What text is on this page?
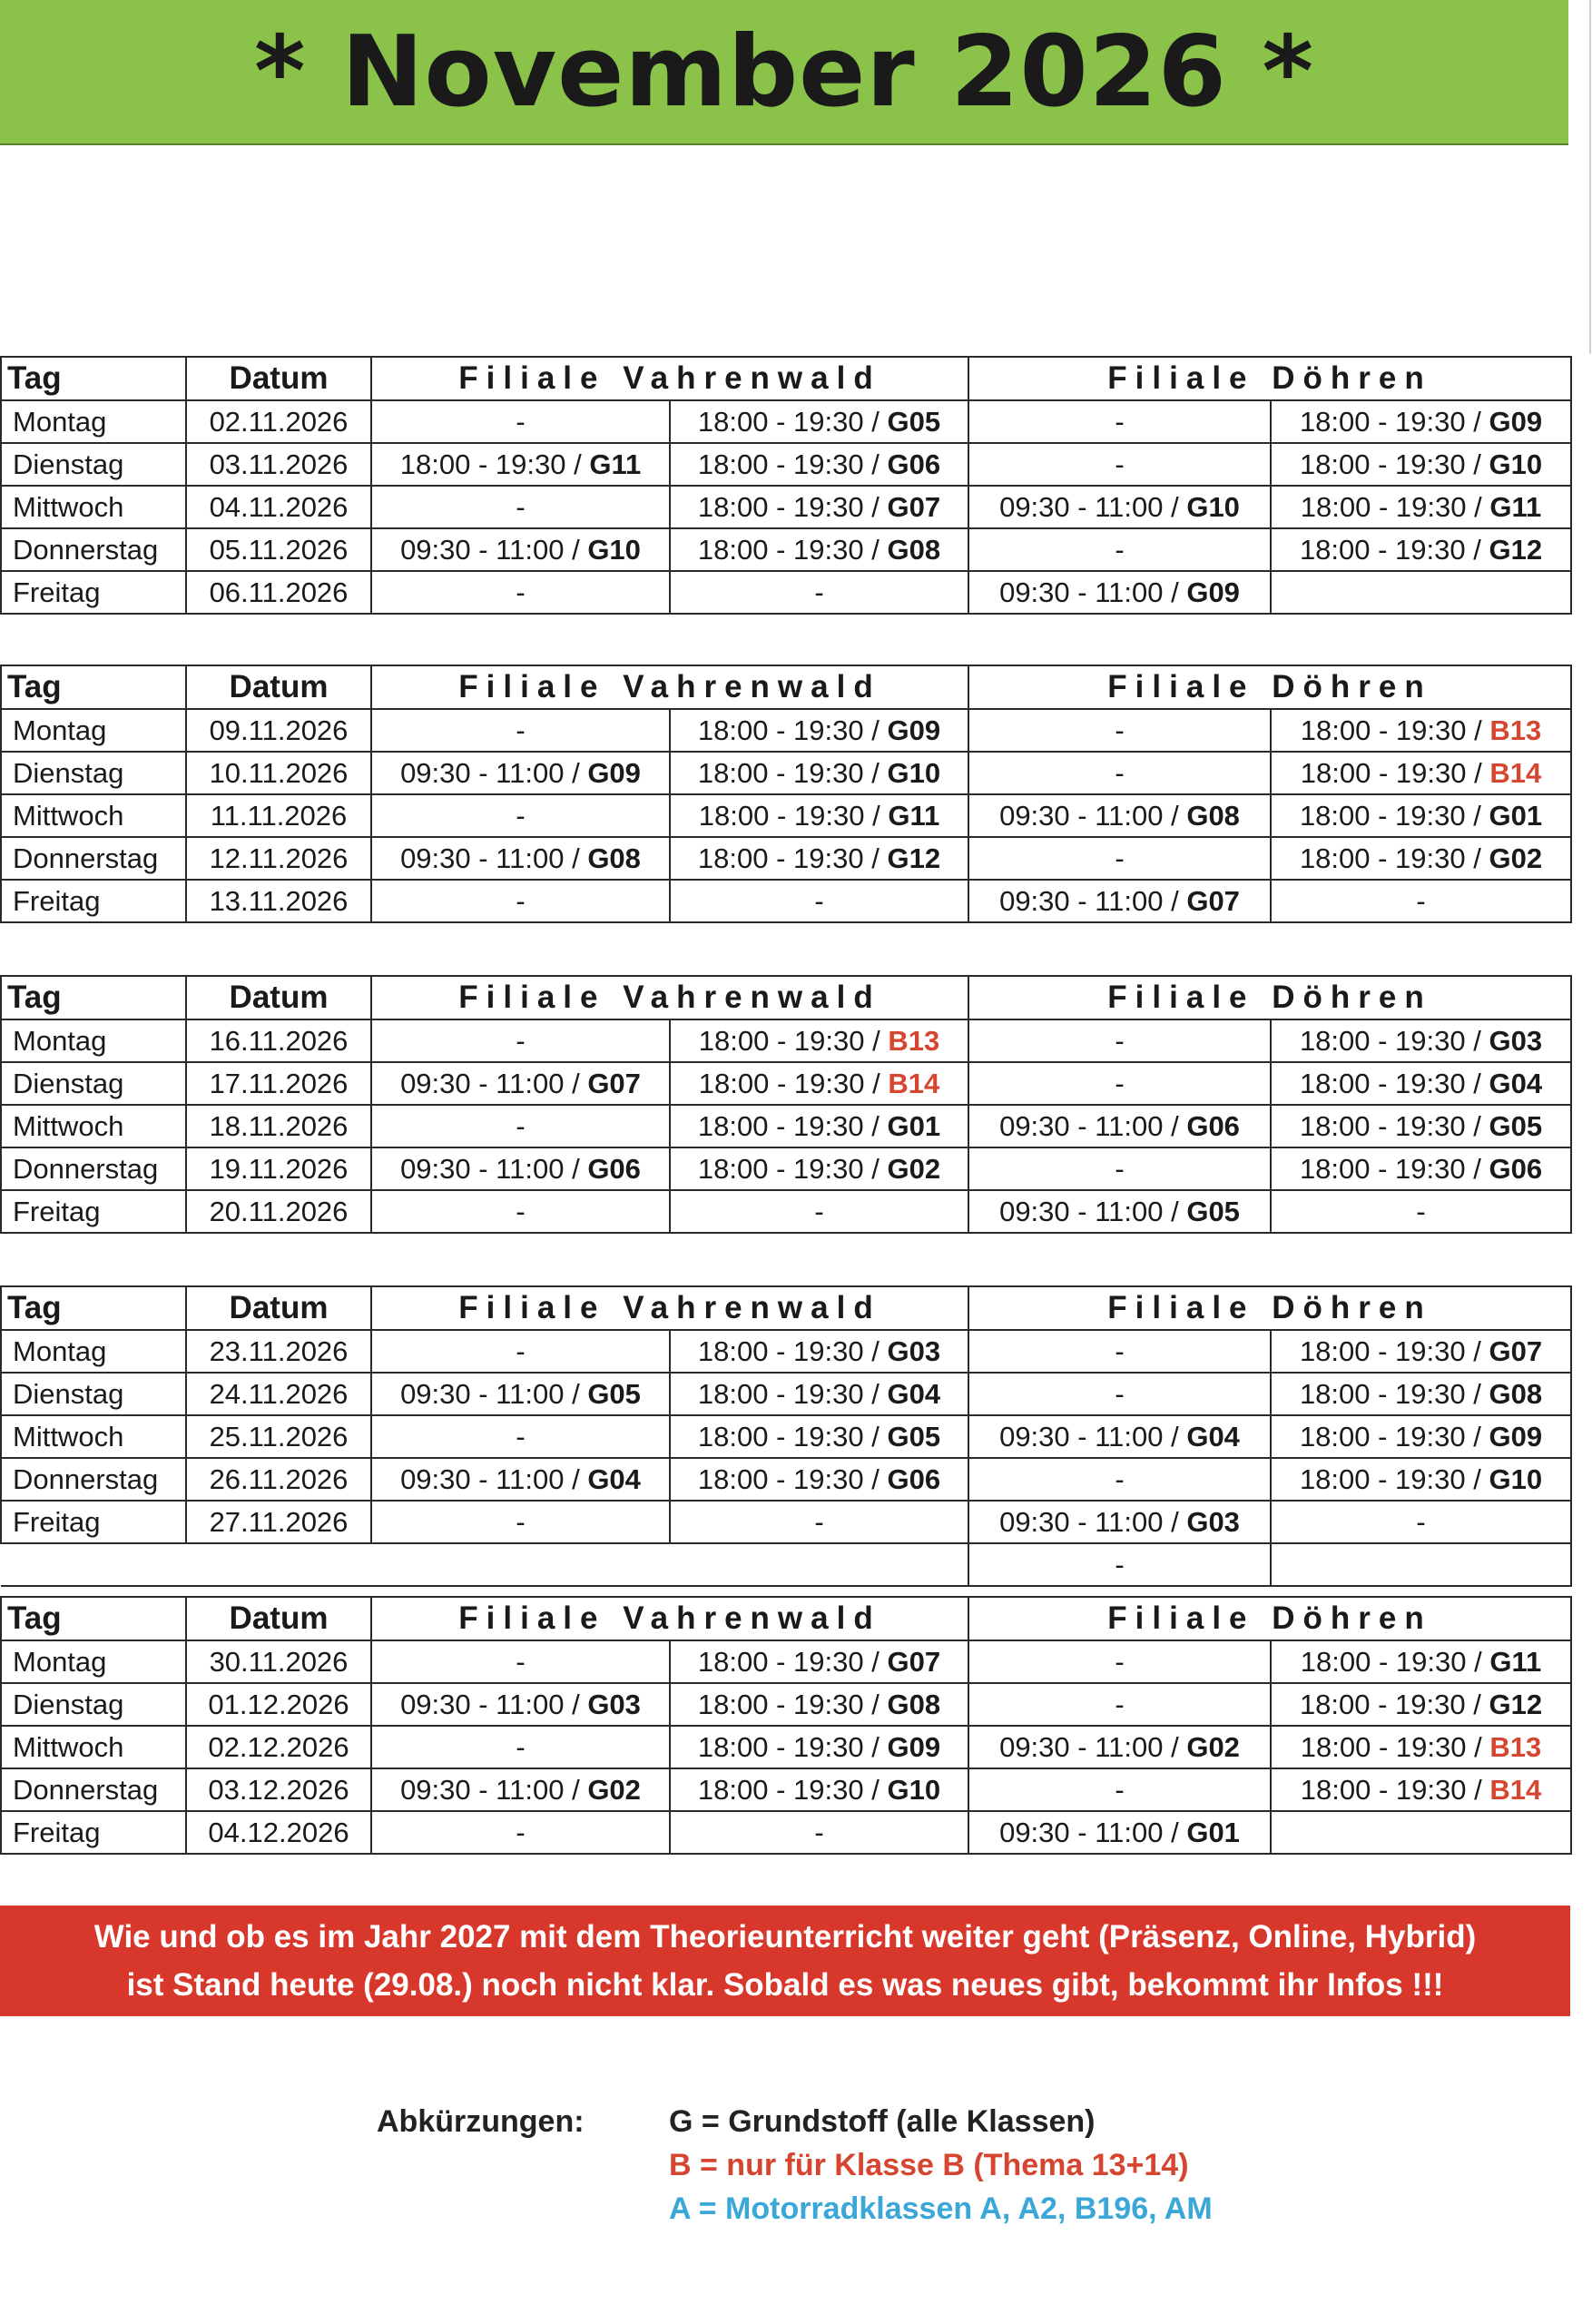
* November 2026 *
Tag	Datum	Filiale Vahrenwald		Filiale Döhren	
Montag	02.11.2026	-	18:00 - 19:30 / G05	-	18:00 - 19:30 / G09
Dienstag	03.11.2026	18:00 - 19:30 / G11	18:00 - 19:30 / G06	-	18:00 - 19:30 / G10
Mittwoch	04.11.2026	-	18:00 - 19:30 / G07	09:30 - 11:00 / G10	18:00 - 19:30 / G11
Donnerstag	05.11.2026	09:30 - 11:00 / G10	18:00 - 19:30 / G08	-	18:00 - 19:30 / G12
Freitag	06.11.2026	-	-	09:30 - 11:00 / G09	
Tag	Datum	Filiale Vahrenwald		Filiale Döhren	
Montag	09.11.2026	-	18:00 - 19:30 / G09	-	18:00 - 19:30 / B13
Dienstag	10.11.2026	09:30 - 11:00 / G09	18:00 - 19:30 / G10	-	18:00 - 19:30 / B14
Mittwoch	11.11.2026	-	18:00 - 19:30 / G11	09:30 - 11:00 / G08	18:00 - 19:30 / G01
Donnerstag	12.11.2026	09:30 - 11:00 / G08	18:00 - 19:30 / G12	-	18:00 - 19:30 / G02
Freitag	13.11.2026	-	-	09:30 - 11:00 / G07	-
Tag	Datum	Filiale Vahrenwald		Filiale Döhren	
Montag	16.11.2026	-	18:00 - 19:30 / B13	-	18:00 - 19:30 / G03
Dienstag	17.11.2026	09:30 - 11:00 / G07	18:00 - 19:30 / B14	-	18:00 - 19:30 / G04
Mittwoch	18.11.2026	-	18:00 - 19:30 / G01	09:30 - 11:00 / G06	18:00 - 19:30 / G05
Donnerstag	19.11.2026	09:30 - 11:00 / G06	18:00 - 19:30 / G02	-	18:00 - 19:30 / G06
Freitag	20.11.2026	-	-	09:30 - 11:00 / G05	-
Tag	Datum	Filiale Vahrenwald		Filiale Döhren	
Montag	23.11.2026	-	18:00 - 19:30 / G03	-	18:00 - 19:30 / G07
Dienstag	24.11.2026	09:30 - 11:00 / G05	18:00 - 19:30 / G04	-	18:00 - 19:30 / G08
Mittwoch	25.11.2026	-	18:00 - 19:30 / G05	09:30 - 11:00 / G04	18:00 - 19:30 / G09
Donnerstag	26.11.2026	09:30 - 11:00 / G04	18:00 - 19:30 / G06	-	18:00 - 19:30 / G10
Freitag	27.11.2026	-	-	09:30 - 11:00 / G03	-
				-	
Tag	Datum	Filiale Vahrenwald		Filiale Döhren	
Montag	30.11.2026	-	18:00 - 19:30 / G07	-	18:00 - 19:30 / G11
Dienstag	01.12.2026	09:30 - 11:00 / G03	18:00 - 19:30 / G08	-	18:00 - 19:30 / G12
Mittwoch	02.12.2026	-	18:00 - 19:30 / G09	09:30 - 11:00 / G02	18:00 - 19:30 / B13
Donnerstag	03.12.2026	09:30 - 11:00 / G02	18:00 - 19:30 / G10	-	18:00 - 19:30 / B14
Freitag	04.12.2026	-	-	09:30 - 11:00 / G01	
Wie und ob es im Jahr 2027 mit dem Theorieunterricht weiter geht (Präsenz, Online, Hybrid)
ist Stand heute (29.08.) noch nicht klar. Sobald es was neues gibt, bekommt ihr Infos !!!
Abkürzungen:	G = Grundstoff (alle Klassen)
B = nur für Klasse B (Thema 13+14)
A = Motorradklassen A, A2, B196, AM
